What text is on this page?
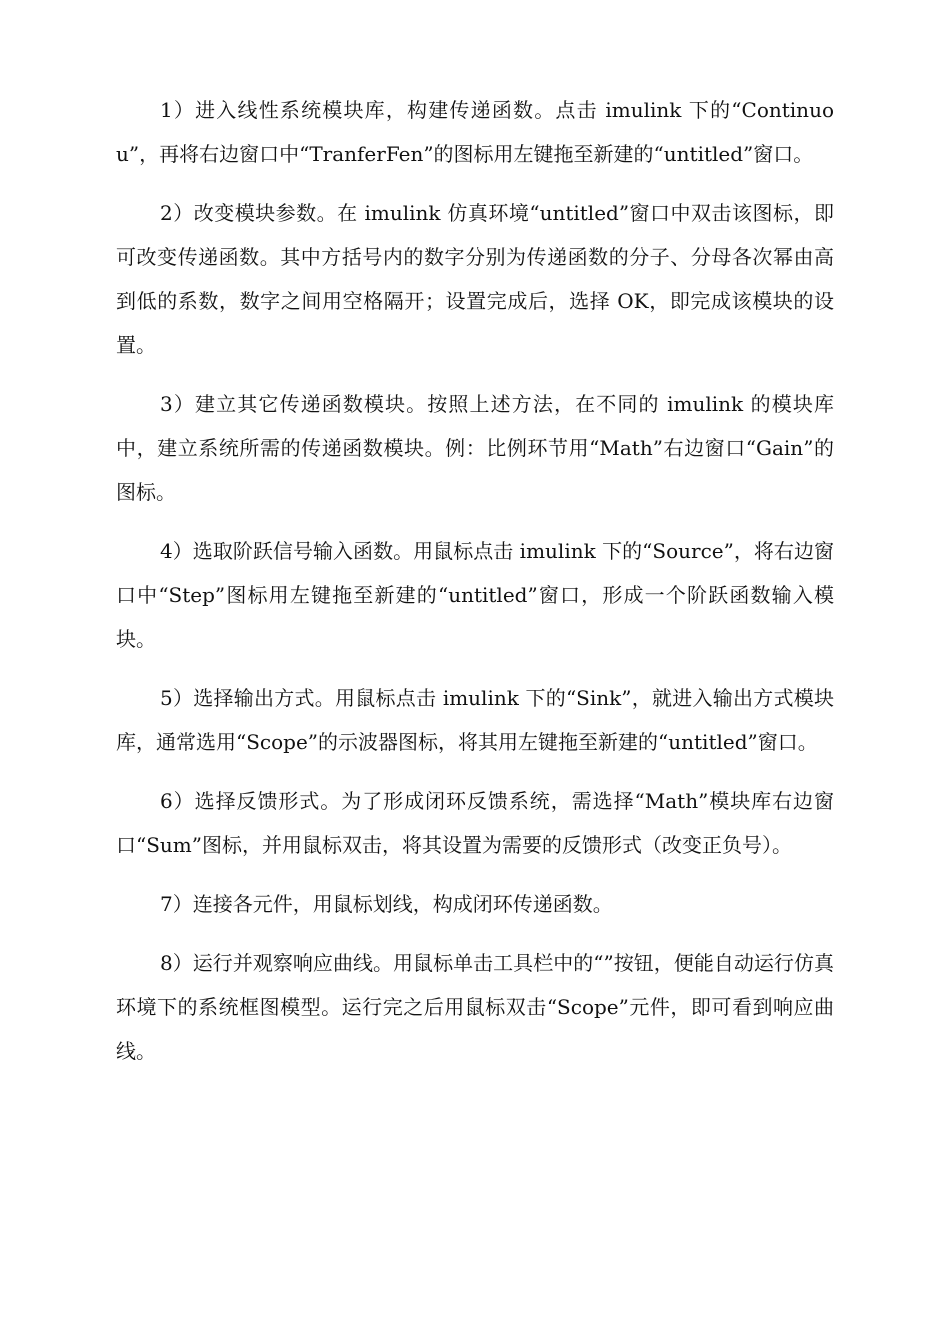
1）进入线性系统模块库，构建传递函数。点击 imulink 下的“Continuou”，再将右边窗口中“TranferFen”的图标用左键拖至新建的“untitled”窗口。

2）改变模块参数。在 imulink 仿真环境“untitled”窗口中双击该图标，即可改变传递函数。其中方括号内的数字分别为传递函数的分子、分母各次幂由高到低的系数，数字之间用空格隔开；设置完成后，选择 OK，即完成该模块的设置。

3）建立其它传递函数模块。按照上述方法，在不同的 imulink 的模块库中，建立系统所需的传递函数模块。例：比例环节用“Math”右边窗口“Gain”的图标。

4）选取阶跃信号输入函数。用鼠标点击 imulink 下的“Source”，将右边窗口中“Step”图标用左键拖至新建的“untitled”窗口，形成一个阶跃函数输入模块。

5）选择输出方式。用鼠标点击 imulink 下的“Sink”，就进入输出方式模块库，通常选用“Scope”的示波器图标，将其用左键拖至新建的“untitled”窗口。

6）选择反馈形式。为了形成闭环反馈系统，需选择“Math”模块库右边窗口“Sum”图标，并用鼠标双击，将其设置为需要的反馈形式（改变正负号）。

7）连接各元件，用鼠标划线，构成闭环传递函数。

8）运行并观察响应曲线。用鼠标单击工具栏中的“”按钮，便能自动运行仿真环境下的系统框图模型。运行完之后用鼠标双击“Scope”元件，即可看到响应曲线。
